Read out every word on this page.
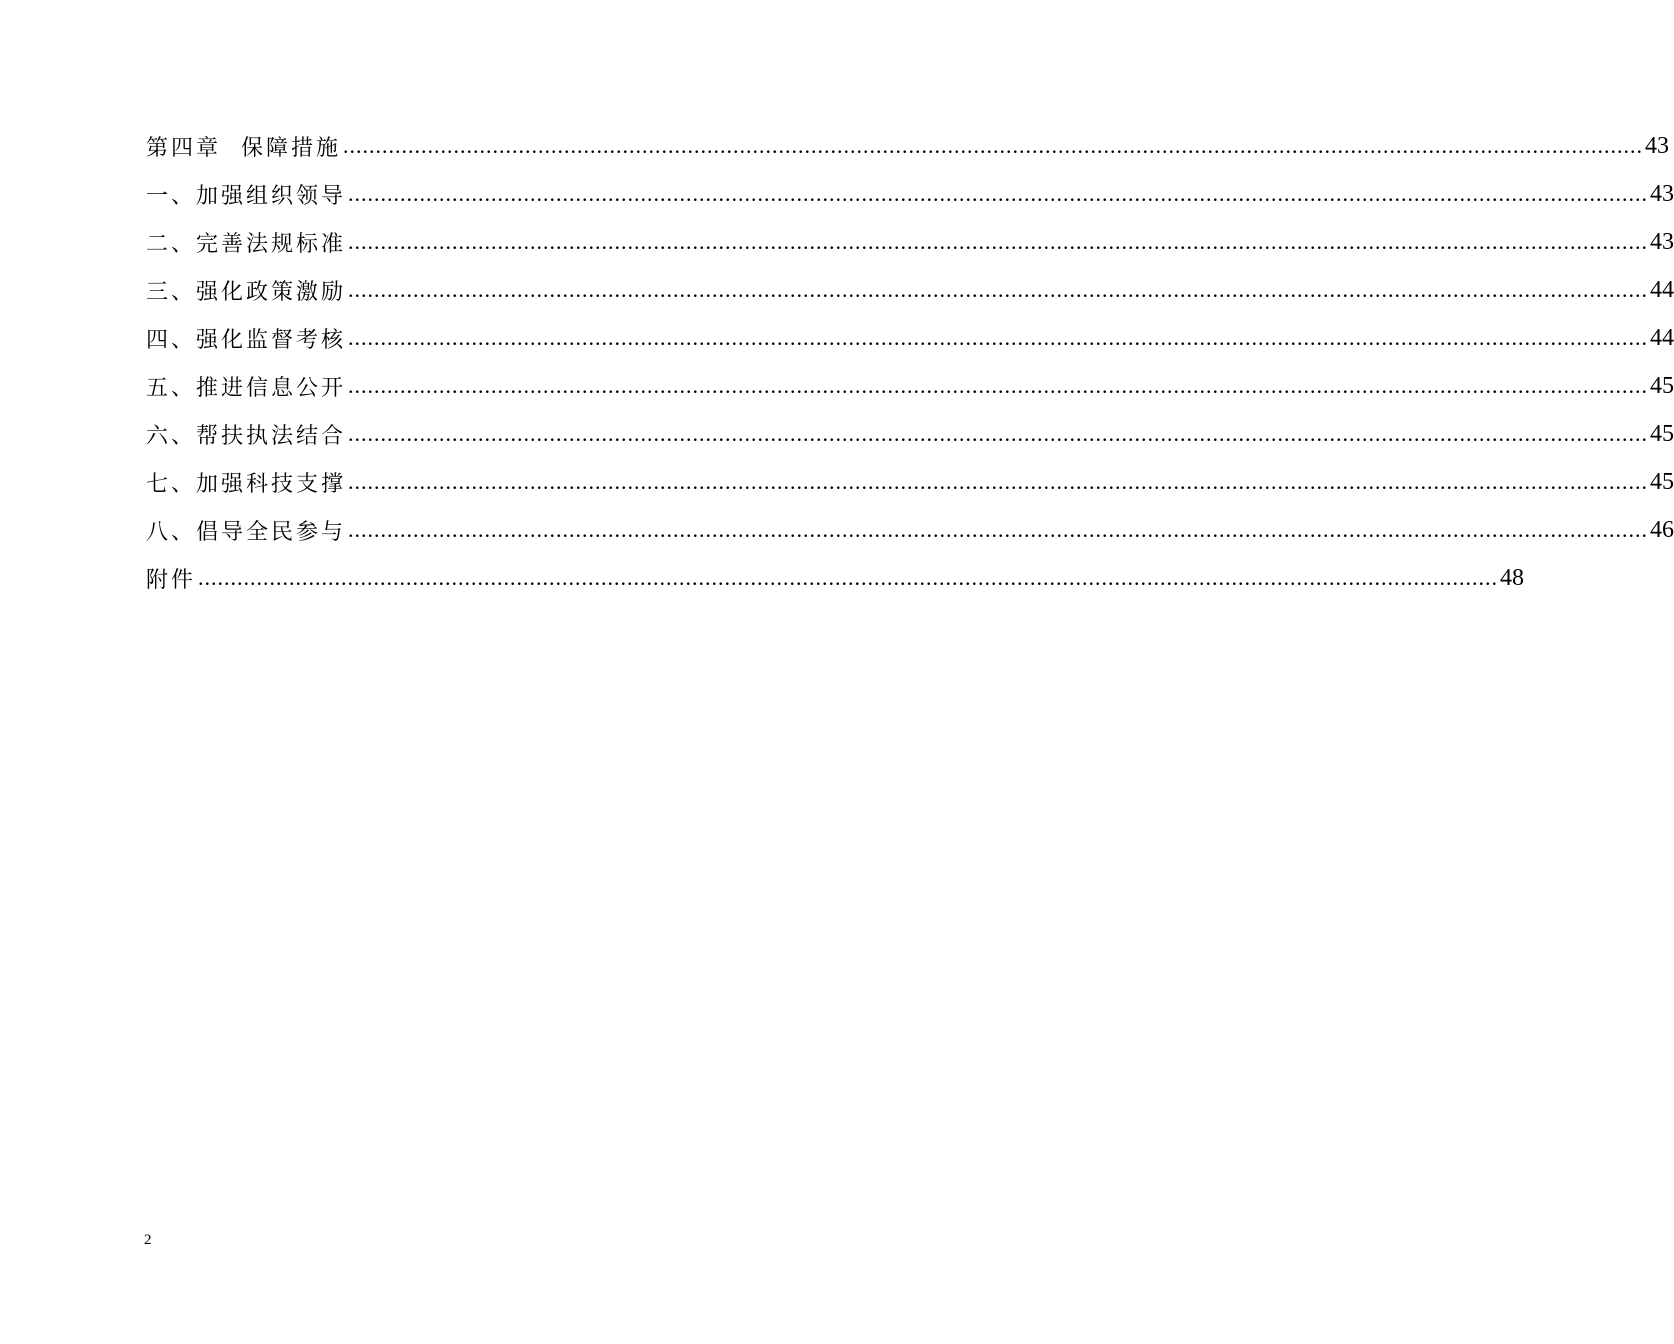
第四章  保障措施 ........................................................................................................................................................................................................ 43
一、加强组织领导 ........................................................................................................................................................................................................ 43
二、完善法规标准 ........................................................................................................................................................................................................ 43
三、强化政策激励 ........................................................................................................................................................................................................ 44
四、强化监督考核 ........................................................................................................................................................................................................ 44
五、推进信息公开 ........................................................................................................................................................................................................ 45
六、帮扶执法结合 ........................................................................................................................................................................................................ 45
七、加强科技支撑 ........................................................................................................................................................................................................ 45
八、倡导全民参与 ........................................................................................................................................................................................................ 46
附件 ........................................................................................................................................................................................................ 48
2
